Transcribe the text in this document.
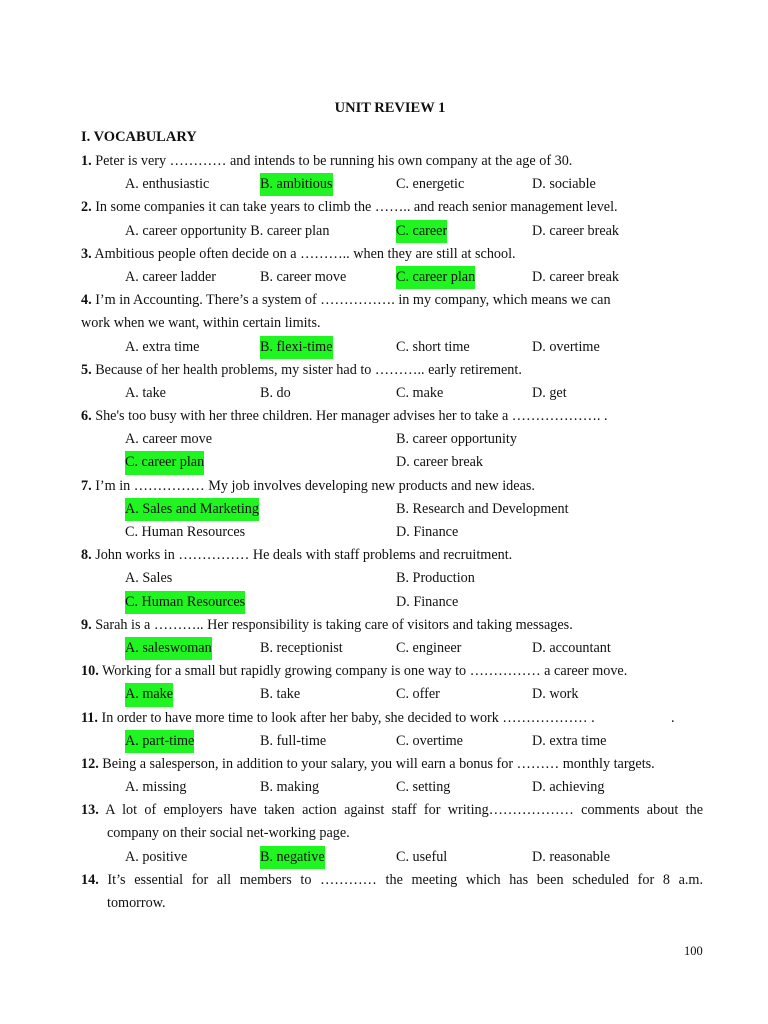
UNIT REVIEW 1
I. VOCABULARY
1. Peter is very ………… and intends to be running his own company at the age of 30.
A. enthusiastic	B. ambitious	C. energetic	D. sociable
2. In some companies it can take years to climb the …….. and reach senior management level.
A. career opportunity B. career plan	C. career	D. career break
3. Ambitious people often decide on a ……….. when they are still at school.
A. career ladder	B. career move	C. career plan	D. career break
4. I’m in Accounting. There’s a system of ……………. in my company, which means we can
work when we want, within certain limits.
A. extra time	B. flexi-time	C. short time	D. overtime
5. Because of her health problems, my sister had to ……….. early retirement.
A. take	B. do	C. make	D. get
6. She's too busy with her three children. Her manager advises her to take a ………………. .
A. career move	B. career opportunity
C. career plan	D. career break
7. I’m in …………… My job involves developing new products and new ideas.
A. Sales and Marketing	B. Research and Development
C. Human Resources	D. Finance
8. John works in …………… He deals with staff problems and recruitment.
A. Sales	B. Production
C. Human Resources	D. Finance
9. Sarah is a ……….. Her responsibility is taking care of visitors and taking messages.
A. saleswoman	B. receptionist	C. engineer	D. accountant
10. Working for a small but rapidly growing company is one way to …………… a career move.
A. make	B. take	C. offer	D. work
11. In order to have more time to look after her baby, she decided to work ……………… .	.
A. part-time	B. full-time	C. overtime	D. extra time
12. Being a salesperson, in addition to your salary, you will earn a bonus for ……… monthly targets.
A. missing	B. making	C. setting	D. achieving
13. A lot of employers have taken action against staff for writing……………… comments about the
company on their social net-working page.
A. positive	B. negative	C. useful	D. reasonable
14. It’s essential for all members to ………… the meeting which has been scheduled for 8 a.m.
tomorrow.
100
